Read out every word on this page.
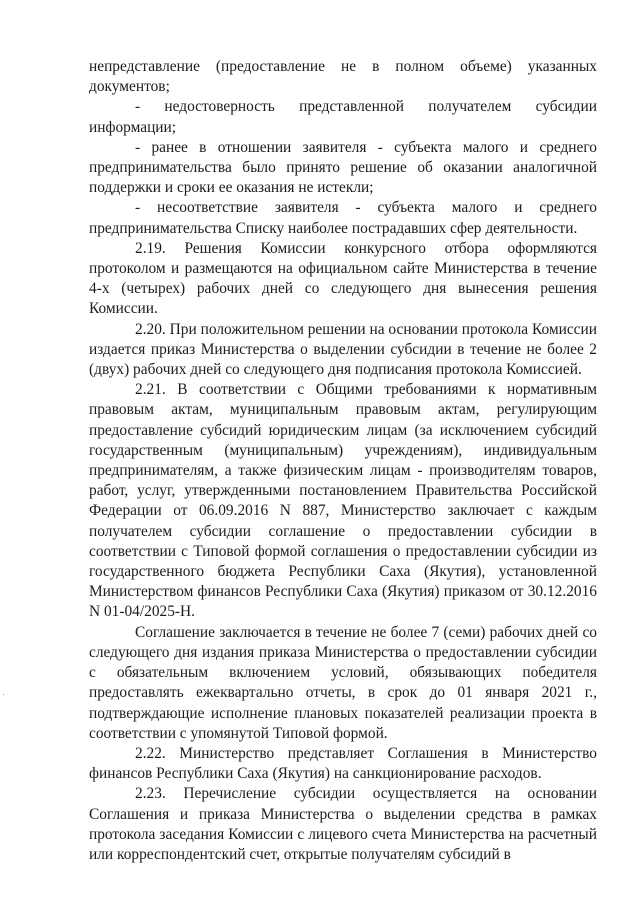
непредставление (предоставление не в полном объеме) указанных
документов;
- недостоверность представленной получателем субсидии
информации;
- ранее в отношении заявителя - субъекта малого и среднего
предпринимательства было принято решение об оказании аналогичной
поддержки и сроки ее оказания не истекли;
- несоответствие заявителя - субъекта малого и среднего
предпринимательства Списку наиболее пострадавших сфер деятельности.
2.19. Решения Комиссии конкурсного отбора оформляются
протоколом и размещаются на официальном сайте Министерства в течение
4-х (четырех) рабочих дней со следующего дня вынесения решения
Комиссии.
2.20. При положительном решении на основании протокола Комиссии
издается приказ Министерства о выделении субсидии в течение не более 2
(двух) рабочих дней со следующего дня подписания протокола Комиссией.
2.21. В соответствии с Общими требованиями к нормативным
правовым актам, муниципальным правовым актам, регулирующим
предоставление субсидий юридическим лицам (за исключением субсидий
государственным (муниципальным) учреждениям), индивидуальным
предпринимателям, а также физическим лицам - производителям товаров,
работ, услуг, утвержденными постановлением Правительства Российской
Федерации от 06.09.2016 N 887, Министерство заключает с каждым
получателем субсидии соглашение о предоставлении субсидии в
соответствии с Типовой формой соглашения о предоставлении субсидии из
государственного бюджета Республики Саха (Якутия), установленной
Министерством финансов Республики Саха (Якутия) приказом от 30.12.2016
N 01-04/2025-Н.
Соглашение заключается в течение не более 7 (семи) рабочих дней со
следующего дня издания приказа Министерства о предоставлении субсидии
с обязательным включением условий, обязывающих победителя
предоставлять ежеквартально отчеты, в срок до 01 января 2021 г.,
подтверждающие исполнение плановых показателей реализации проекта в
соответствии с упомянутой Типовой формой.
2.22. Министерство представляет Соглашения в Министерство
финансов Республики Саха (Якутия) на санкционирование расходов.
2.23. Перечисление субсидии осуществляется на основании
Соглашения и приказа Министерства о выделении средства в рамках
протокола заседания Комиссии с лицевого счета Министерства на расчетный
или корреспондентский счет, открытые получателям субсидий в
